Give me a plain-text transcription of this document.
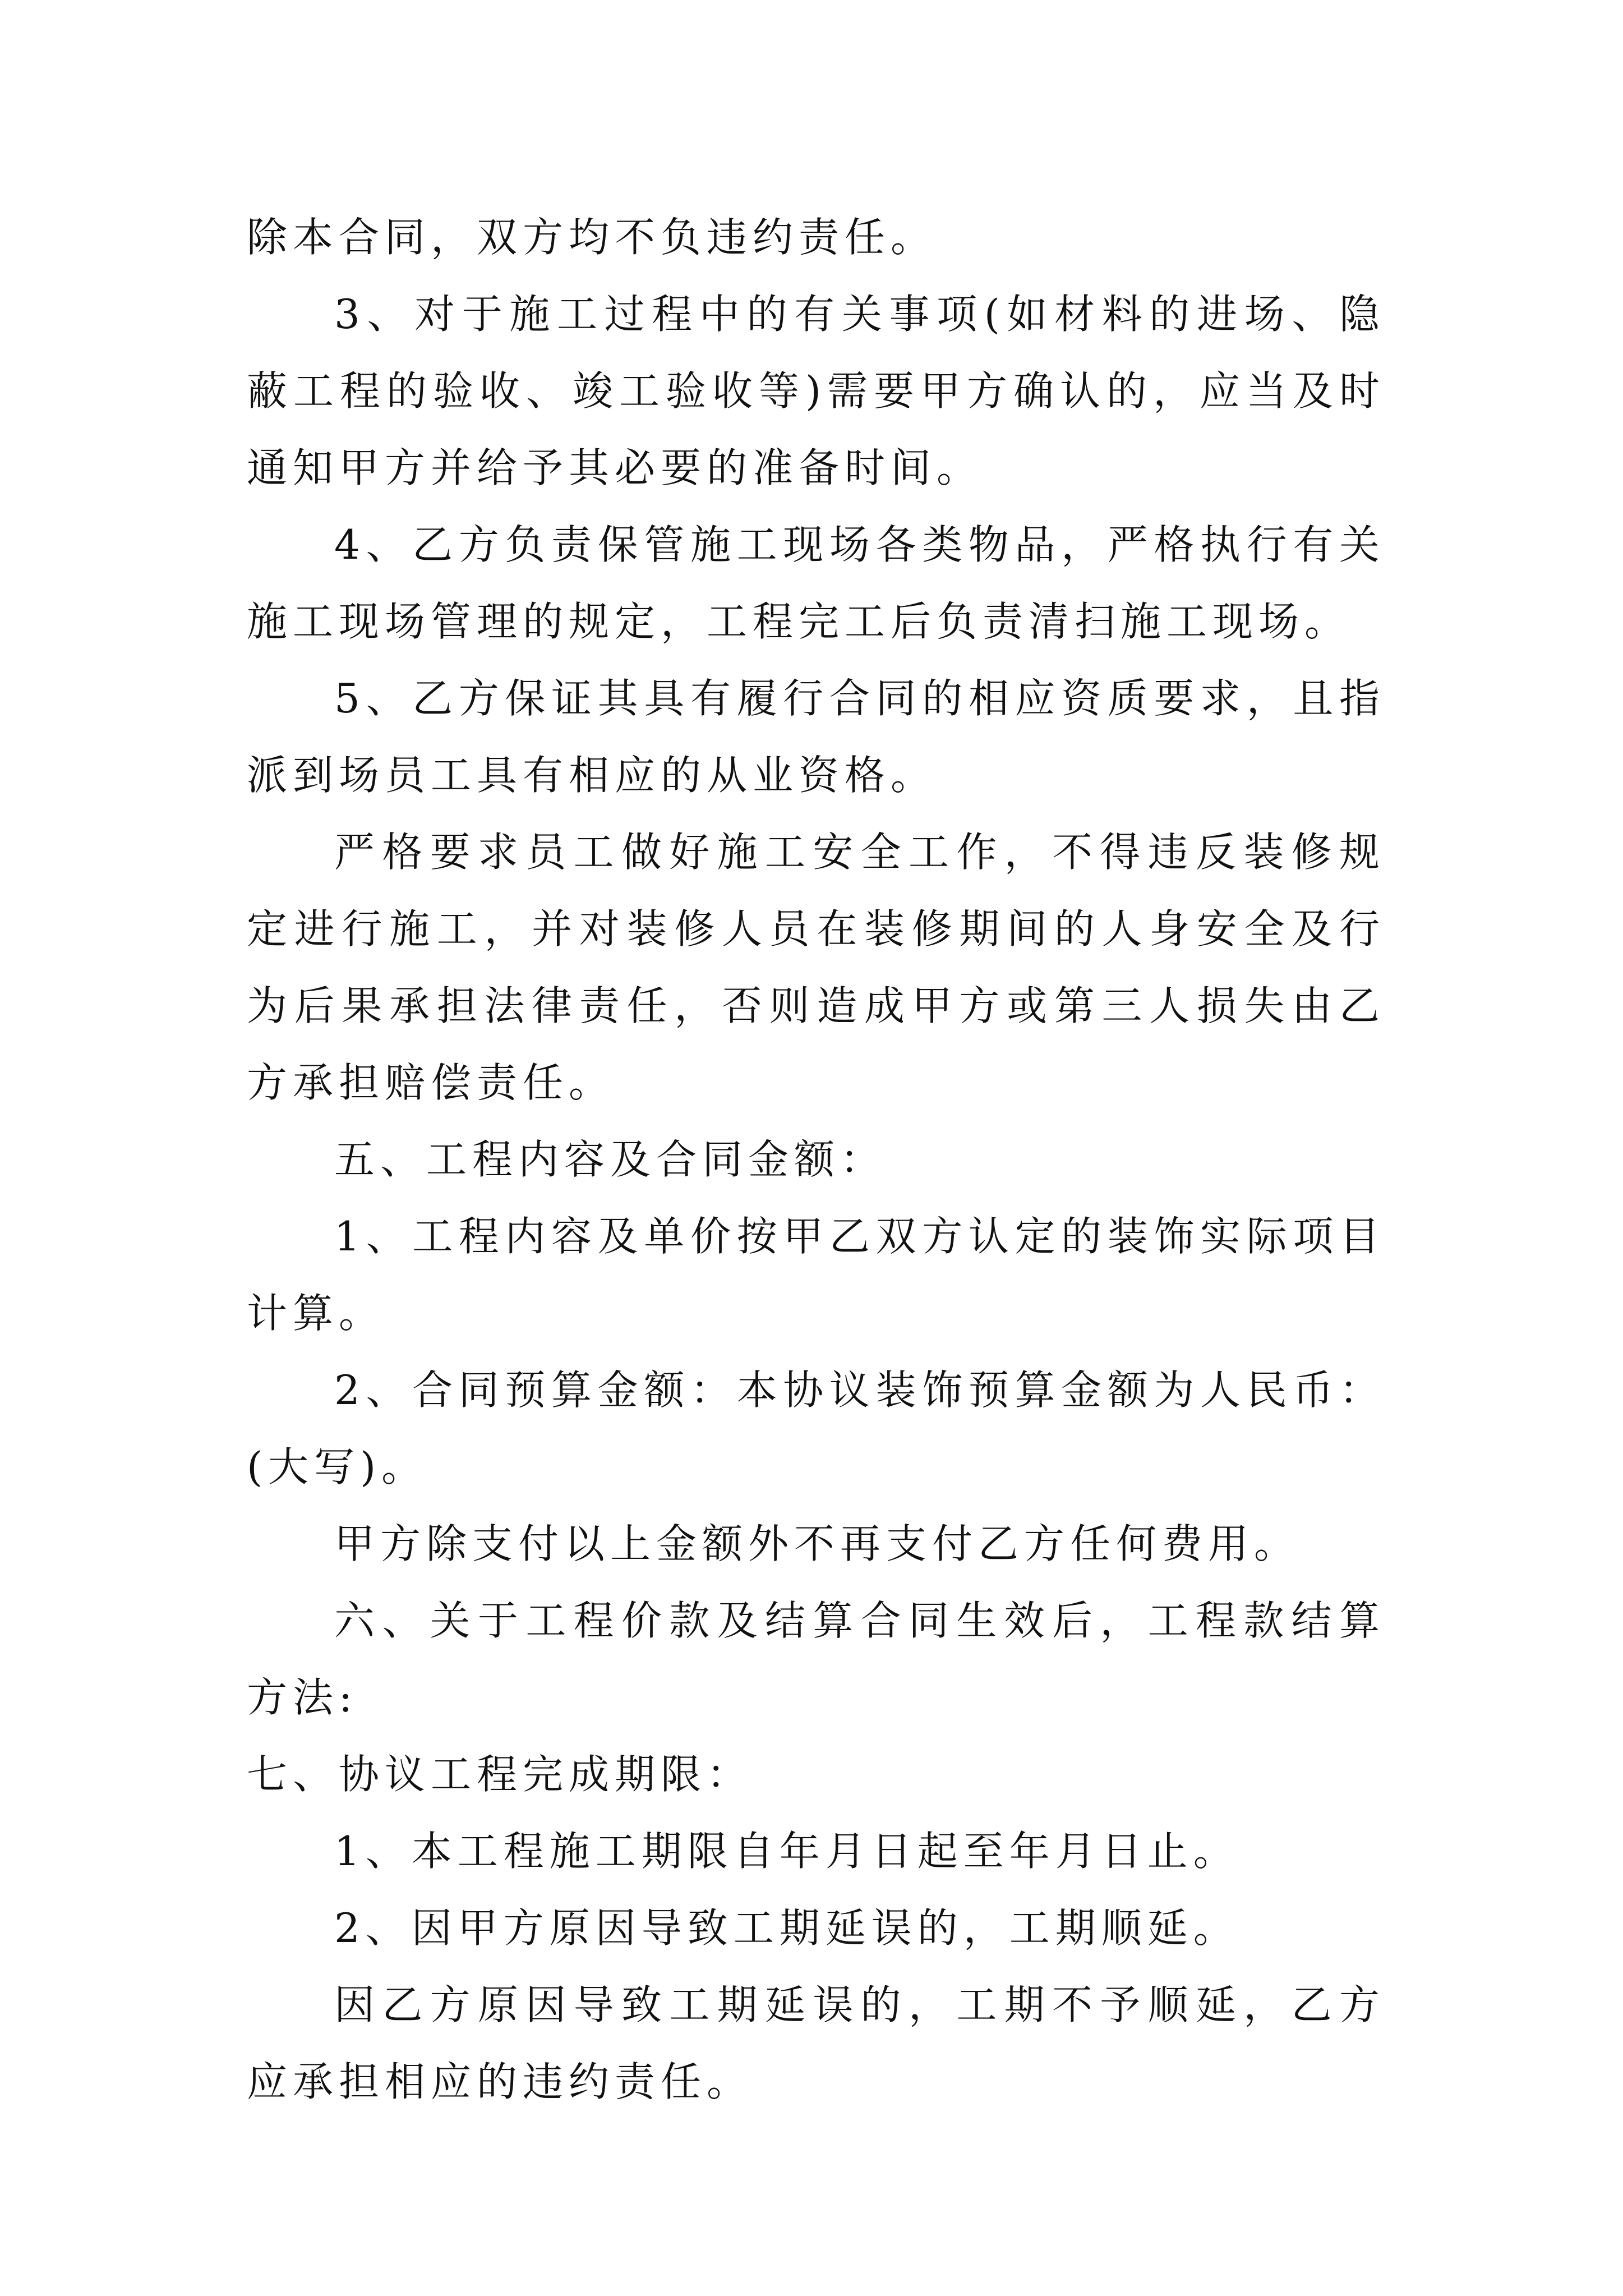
除本合同，双方均不负违约责任。

3、对于施工过程中的有关事项(如材料的进场、隐蔽工程的验收、竣工验收等)需要甲方确认的，应当及时通知甲方并给予其必要的准备时间。

4、乙方负责保管施工现场各类物品，严格执行有关施工现场管理的规定，工程完工后负责清扫施工现场。

5、乙方保证其具有履行合同的相应资质要求，且指派到场员工具有相应的从业资格。

严格要求员工做好施工安全工作，不得违反装修规定进行施工，并对装修人员在装修期间的人身安全及行为后果承担法律责任，否则造成甲方或第三人损失由乙方承担赔偿责任。

五、工程内容及合同金额：

1、工程内容及单价按甲乙双方认定的装饰实际项目计算。

2、合同预算金额：本协议装饰预算金额为人民币：(大写)。

甲方除支付以上金额外不再支付乙方任何费用。

六、关于工程价款及结算合同生效后，工程款结算方法:

七、协议工程完成期限：

1、本工程施工期限自年月日起至年月日止。

2、因甲方原因导致工期延误的，工期顺延。

因乙方原因导致工期延误的，工期不予顺延，乙方应承担相应的违约责任。
